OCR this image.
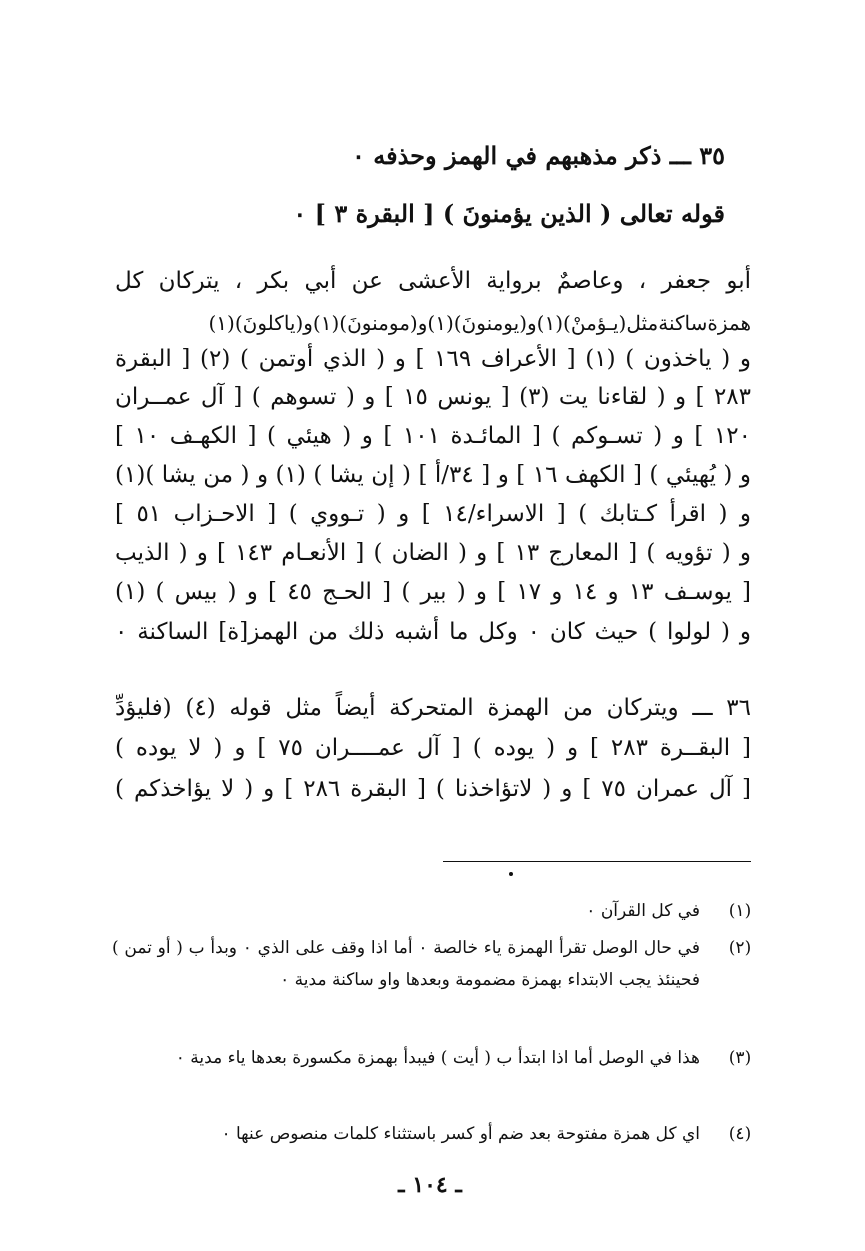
٣٥ ـــ ذكر مذهبهم في الهمز وحذفه ٠
قوله تعالى ( الذين يؤمنونَ ) [ البقرة ٣ ] ٠
أبو جعفر ، وعاصمٌ برواية الأعشى عن أبي بكر ، يتركان كل
همزةساكنةمثل(يـؤمنْ)(١)و(يومنونَ)(١)و(مومنونَ)(١)و(ياكلونَ)(١)
و ( ياخذون ) (١) [ الأعراف ١٦٩ ] و ( الذي أوتمن ) (٢) [ البقرة
٢٨٣ ] و ( لقاءنا يت (٣) [ يونس ١٥ ] و ( تسوهم ) [ آل عمــران
١٢٠ ] و ( تسـوكم ) [ المائـدة ١٠١ ] و ( هيئي ) [ الكهـف ١٠ ]
و ( يُهيئي ) [ الكهف ١٦ ] و [ ٣٤/أ ] ( إن يشا ) (١) و ( من يشا )(١)
و ( اقرأ كـتابك ) [ الاسراء/١٤ ] و ( تـووي ) [ الاحـزاب ٥١ ]
و ( تؤويه ) [ المعارج ١٣ ] و ( الضان ) [ الأنعـام ١٤٣ ] و ( الذيب
[ يوسـف ١٣ و ١٤ و ١٧ ] و ( بير ) [ الحـج ٤٥ ] و ( بيس ) (١)
و ( لولوا ) حيث كان ٠ وكل ما أشبه ذلك من الهمز[ة] الساكنة ٠
٣٦ ـــ ويتركان من الهمزة المتحركة أيضاً مثل قوله (٤) (فليؤدِّ
[ البقــرة ٢٨٣ ] و ( يوده ) [ آل عمــــران ٧٥ ] و ( لا يوده )
[ آل عمران ٧٥ ] و ( لاتؤاخذنا ) [ البقرة ٢٨٦ ] و ( لا يؤاخذكم )
(١)
في كل القرآن ٠
(٢)
في حال الوصل تقرأ الهمزة ياء خالصة ٠ أما اذا وقف على الذي ٠ وبدأ ب ( أو تمن ) فحينئذ يجب الابتداء بهمزة مضمومة وبعدها واو ساكنة مدية ٠
(٣)
هذا في الوصل أما اذا ابتدأ ب ( أيت ) فيبدأ بهمزة مكسورة بعدها ياء مدية ٠
(٤)
اي كل همزة مفتوحة بعد ضم أو كسر باستثناء كلمات منصوص عنها ٠
ـ ١٠٤ ـ
